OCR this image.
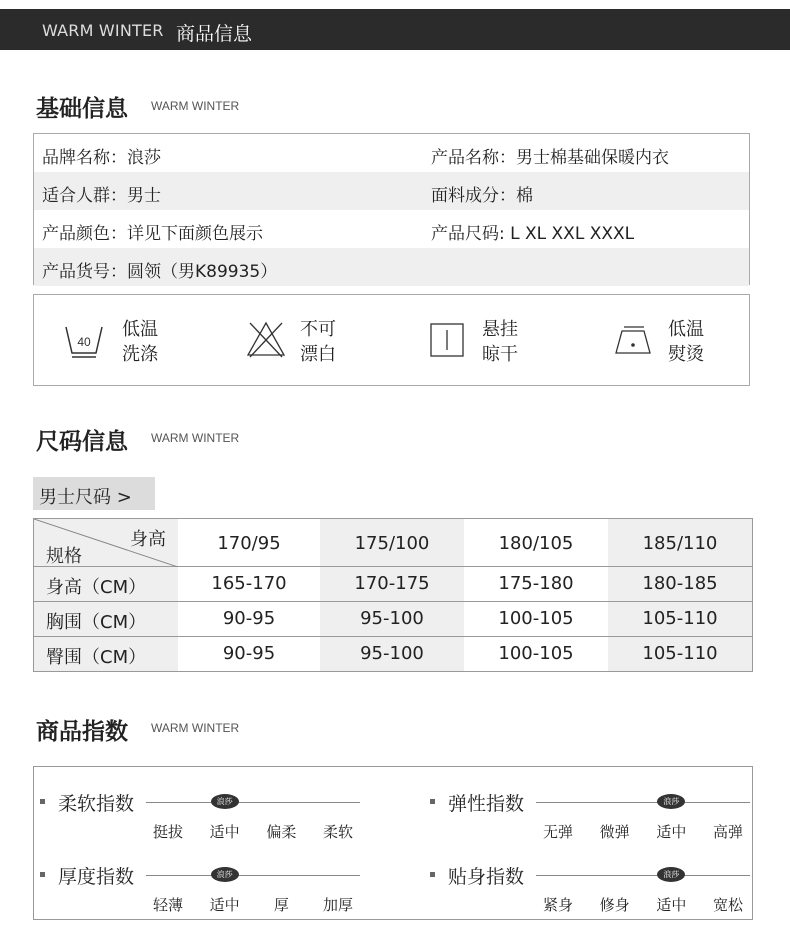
WARM WINTER 商品信息
基础信息 WARM WINTER
品牌名称：浪莎	产品名称：男士棉基础保暖内衣
适合人群：男士	面料成分：棉
产品颜色：详见下面颜色展示	产品尺码: L XL XXL XXXL
产品货号：圆领（男K89935）
40
低温
洗涤
不可
漂白
悬挂
晾干
低温
熨烫
尺码信息 WARM WINTER
男士尺码 >
身高
规格
170/95	175/100	180/105	185/110
身高（CM）	165-170	170-175	175-180	180-185
胸围（CM）	90-95	95-100	100-105	105-110
臀围（CM）	90-95	95-100	100-105	105-110
商品指数 WARM WINTER
柔软指数	浪莎
挺拔	适中	偏柔	柔软
弹性指数	浪莎
无弹	微弹	适中	高弹
厚度指数	浪莎
轻薄	适中	厚	加厚
贴身指数	浪莎
紧身	修身	适中	宽松
